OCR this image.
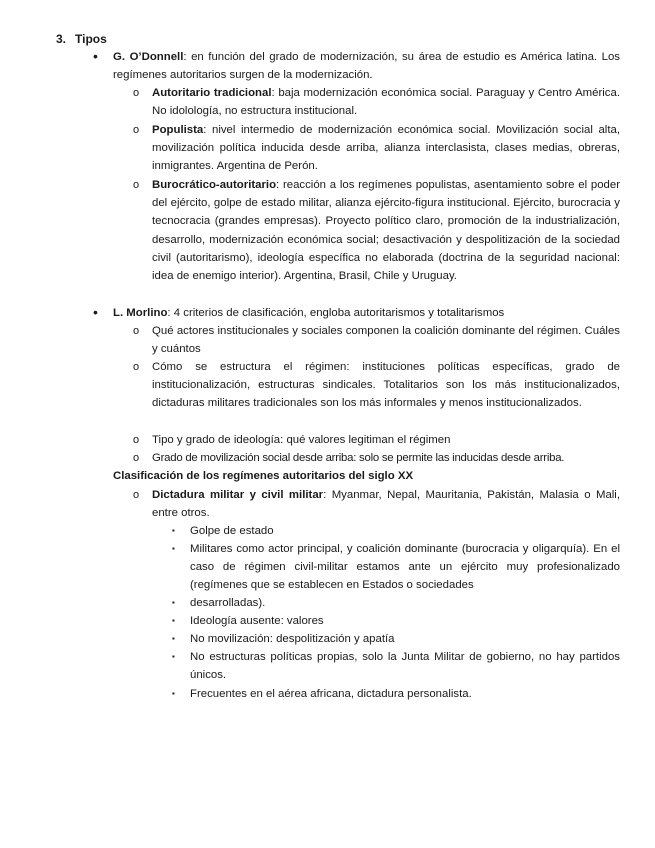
3. Tipos
• G. O’Donnell: en función del grado de modernización, su área de estudio es América latina. Los regímenes autoritarios surgen de la modernización.
o Autoritario tradicional: baja modernización económica social. Paraguay y Centro América. No idolología, no estructura institucional.
o Populista: nivel intermedio de modernización económica social. Movilización social alta, movilización política inducida desde arriba, alianza interclasista, clases medias, obreras, inmigrantes. Argentina de Perón.
o Burocrático-autoritario: reacción a los regímenes populistas, asentamiento sobre el poder del ejército, golpe de estado militar, alianza ejército-figura institucional. Ejército, burocracia y tecnocracia (grandes empresas). Proyecto político claro, promoción de la industrialización, desarrollo, modernización económica social; desactivación y despolitización de la sociedad civil (autoritarismo), ideología específica no elaborada (doctrina de la seguridad nacional: idea de enemigo interior). Argentina, Brasil, Chile y Uruguay.
• L. Morlino: 4 criterios de clasificación, engloba autoritarismos y totalitarismos
o Qué actores institucionales y sociales componen la coalición dominante del régimen. Cuáles y cuántos
o Cómo se estructura el régimen: instituciones políticas específicas, grado de institucionalización, estructuras sindicales. Totalitarios son los más institucionalizados, dictaduras militares tradicionales son los más informales y menos institucionalizados.
o Tipo y grado de ideología: qué valores legitiman el régimen
o Grado de movilización social desde arriba: solo se permite las inducidas desde arriba.
Clasificación de los regímenes autoritarios del siglo XX
o Dictadura militar y civil militar: Myanmar, Nepal, Mauritania, Pakistán, Malasia o Mali, entre otros.
▪ Golpe de estado
▪ Militares como actor principal, y coalición dominante (burocracia y oligarquía). En el caso de régimen civil-militar estamos ante un ejército muy profesionalizado (regímenes que se establecen en Estados o sociedades
▪ desarrolladas).
▪ Ideología ausente: valores
▪ No movilización: despolitización y apatía
▪ No estructuras políticas propias, solo la Junta Militar de gobierno, no hay partidos únicos.
▪ Frecuentes en el aérea africana, dictadura personalista.
